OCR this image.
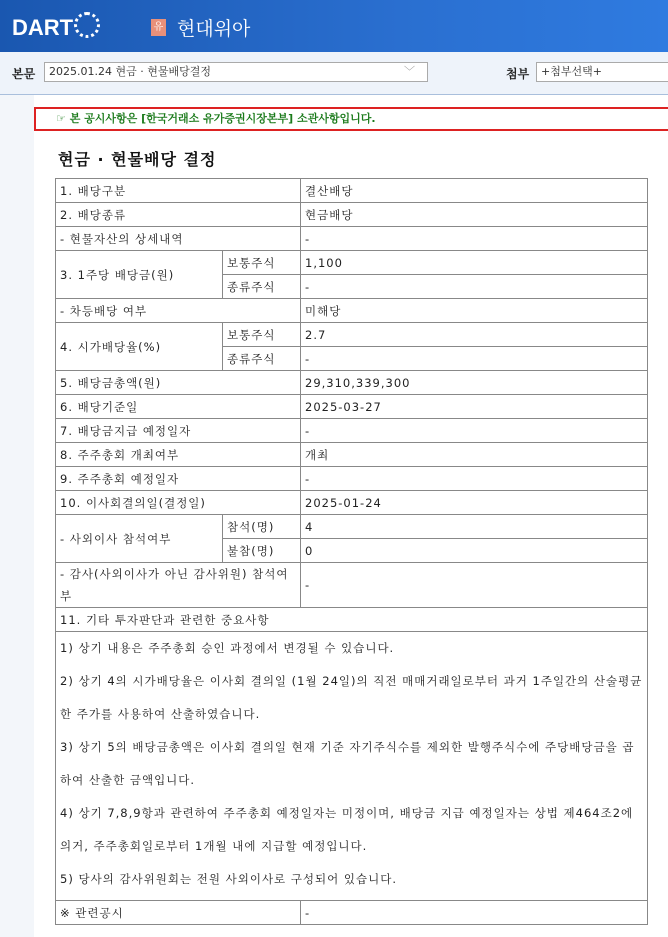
DART	유 현대위아
본문	2025.01.24 현금 · 현물배당결정	﹀	첨부	+첨부선택+
☞ 본 공시사항은 [한국거래소 유가증권시장본부] 소관사항입니다.
현금 · 현물배당 결정
1. 배당구분		결산배당
2. 배당종류		현금배당
- 현물자산의 상세내역		-
3. 1주당 배당금(원)	보통주식	1,100
	종류주식	-
- 차등배당 여부		미해당
4. 시가배당율(%)	보통주식	2.7
	종류주식	-
5. 배당금총액(원)		29,310,339,300
6. 배당기준일		2025-03-27
7. 배당금지급 예정일자		-
8. 주주총회 개최여부		개최
9. 주주총회 예정일자		-
10. 이사회결의일(결정일)		2025-01-24
- 사외이사 참석여부	참석(명)	4
	불참(명)	0
- 감사(사외이사가 아닌 감사위원) 참석여부		-
11. 기타 투자판단과 관련한 중요사항		

1) 상기 내용은 주주총회 승인 과정에서 변경될 수 있습니다.
2) 상기 4의 시가배당율은 이사회 결의일 (1월 24일)의 직전 매매거래일로부터 과거 1주일간의 산술평균한 주가를 사용하여 산출하였습니다.
3) 상기 5의 배당금총액은 이사회 결의일 현재 기준 자기주식수를 제외한 발행주식수에 주당배당금을 곱하여 산출한 금액입니다.
4) 상기 7,8,9항과 관련하여 주주총회 예정일자는 미정이며, 배당금 지급 예정일자는 상법 제464조2에 의거, 주주총회일로부터 1개월 내에 지급할 예정입니다.
5) 당사의 감사위원회는 전원 사외이사로 구성되어 있습니다.		

※ 관련공시		-
